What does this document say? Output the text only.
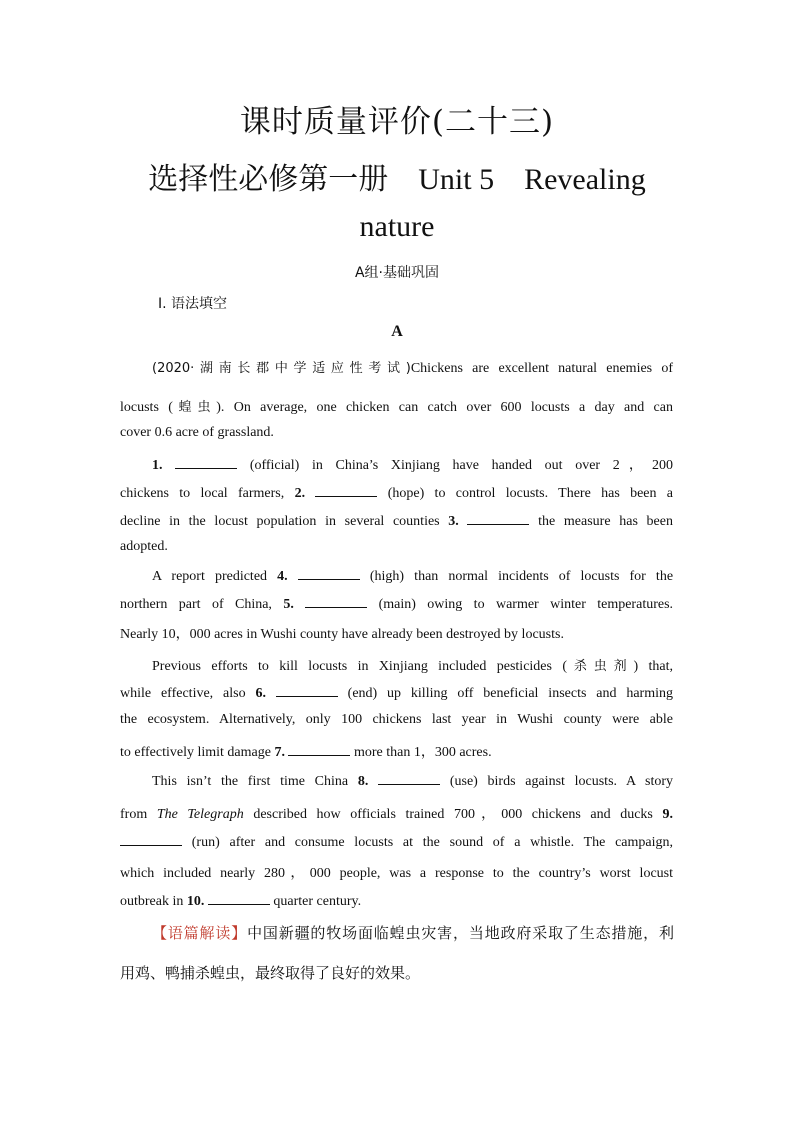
课时质量评价(二十三)
选择性必修第一册 Unit 5 Revealing
nature
A组·基础巩固
Ⅰ. 语法填空
A
(2020·湖南长郡中学适应性考试)Chickens are excellent natural enemies of
locusts (蝗虫). On average, one chicken can catch over 600 locusts a day and can
cover 0.6 acre of grassland.
1.	(official) in China’s Xinjiang have handed out over 2，200
chickens to local farmers, 2.	(hope) to control locusts. There has been a
decline in the locust population in several counties 3.	the measure has been
adopted.
A report predicted 4.	(high) than normal incidents of locusts for the
northern part of China, 5.	(main) owing to warmer winter temperatures.
Nearly 10，000 acres in Wushi county have already been destroyed by locusts.
Previous efforts to kill locusts in Xinjiang included pesticides (杀虫剂) that,
while effective, also 6.	(end) up killing off beneficial insects and harming
the ecosystem. Alternatively, only 100 chickens last year in Wushi county were able
to effectively limit damage 7.	more than 1，300 acres.
This isn’t the first time China 8.	(use) birds against locusts. A story
from The Telegraph described how officials trained 700，000 chickens and ducks 9.
(run) after and consume locusts at the sound of a whistle. The campaign,
which included nearly 280，000 people, was a response to the country’s worst locust
outbreak in 10.	quarter century.
【语篇解读】中国新疆的牧场面临蝗虫灾害，当地政府采取了生态措施，利
用鸡、鸭捕杀蝗虫，最终取得了良好的效果。
